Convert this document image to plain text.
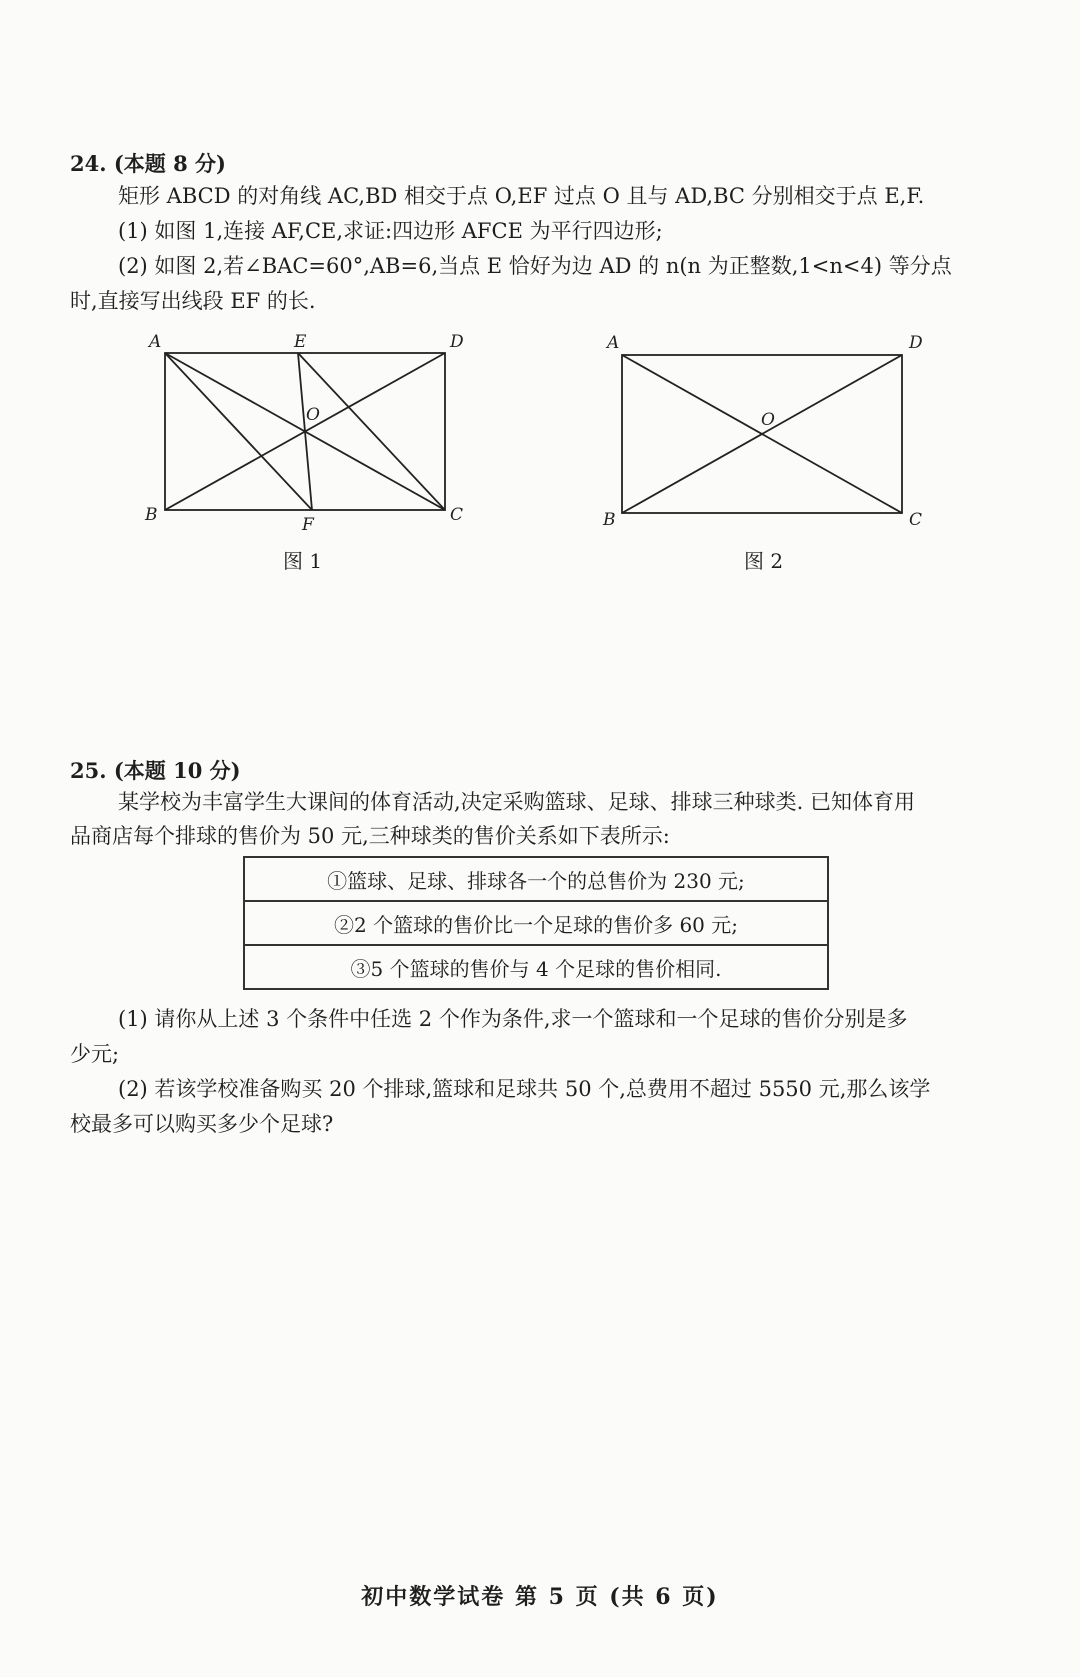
24. (本题 8 分)
矩形 ABCD 的对角线 AC,BD 相交于点 O,EF 过点 O 且与 AD,BC 分别相交于点 E,F.
(1) 如图 1,连接 AF,CE,求证:四边形 AFCE 为平行四边形;
(2) 如图 2,若∠BAC=60°,AB=6,当点 E 恰好为边 AD 的 n(n 为正整数,1<n<4) 等分点
时,直接写出线段 EF 的长.
A	E	D
O
B	F	C
图 1
A	D
O
B	C
图 2
25. (本题 10 分)
某学校为丰富学生大课间的体育活动,决定采购篮球、足球、排球三种球类. 已知体育用
品商店每个排球的售价为 50 元,三种球类的售价关系如下表所示:
①篮球、足球、排球各一个的总售价为 230 元;
②2 个篮球的售价比一个足球的售价多 60 元;
③5 个篮球的售价与 4 个足球的售价相同.
(1) 请你从上述 3 个条件中任选 2 个作为条件,求一个篮球和一个足球的售价分别是多
少元;
(2) 若该学校准备购买 20 个排球,篮球和足球共 50 个,总费用不超过 5550 元,那么该学
校最多可以购买多少个足球?
初中数学试卷 第 5 页 (共 6 页)
